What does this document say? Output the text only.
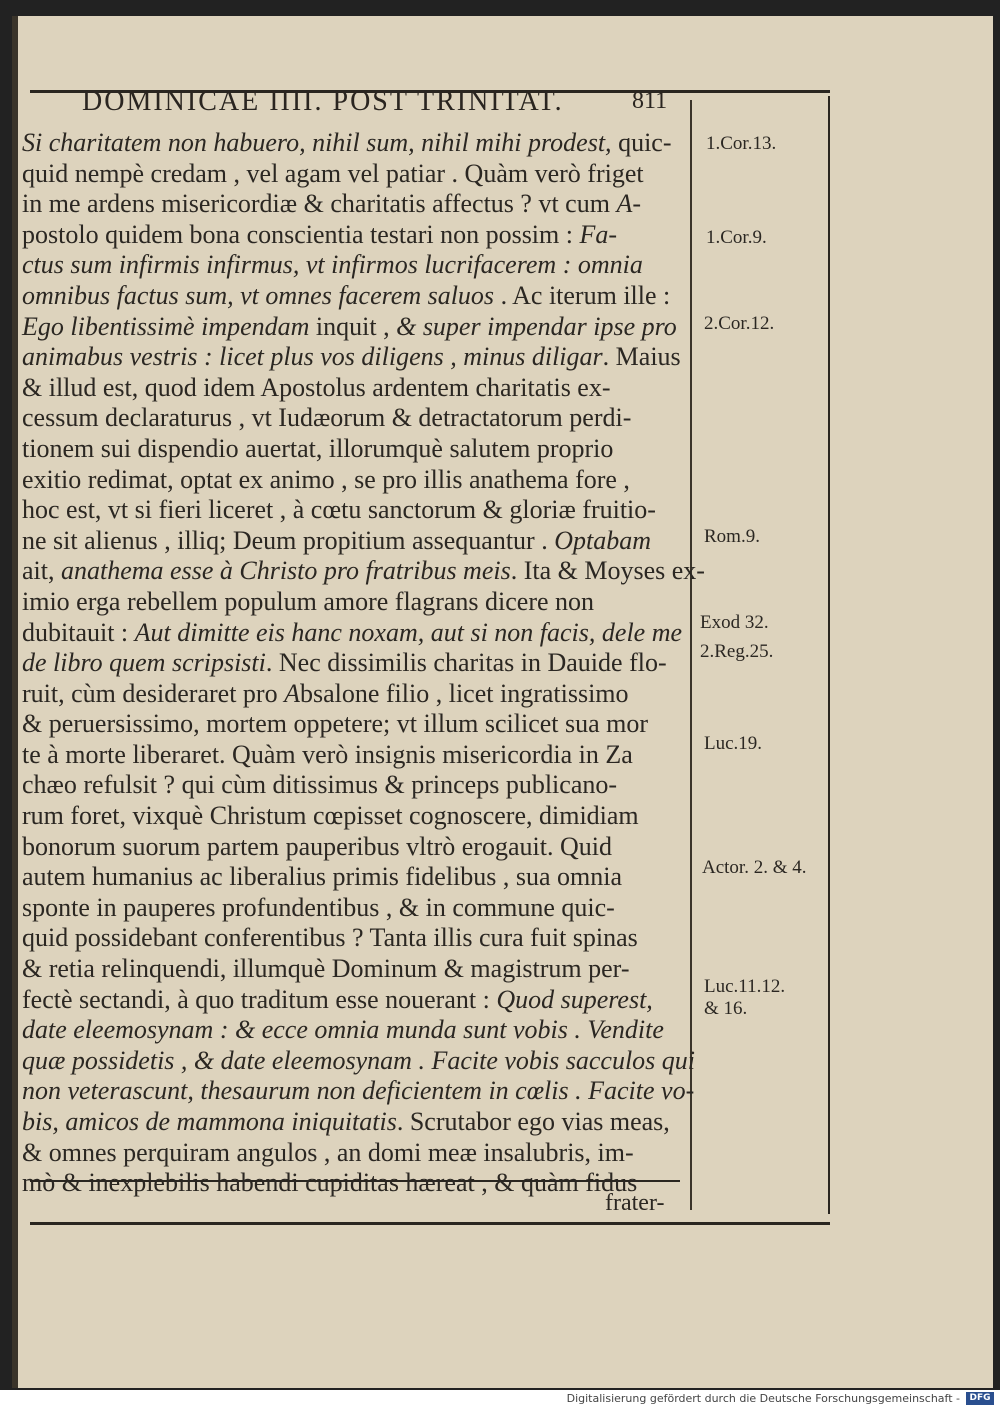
DOMINICAE IIII. POST TRINITAT.	811
Si charitatem non habuero, nihil sum, nihil mihi prodest, quic-
quid nempè credam , vel agam vel patiar . Quàm verò friget
in me ardens misericordiæ & charitatis affectus ? vt cum A-
postolo quidem bona conscientia testari non possim : Fa-
ctus sum infirmis infirmus, vt infirmos lucrifacerem : omnia
omnibus factus sum, vt omnes facerem saluos . Ac iterum ille :
Ego libentissimè impendam inquit , & super impendar ipse pro
animabus vestris : licet plus vos diligens , minus diligar. Maius
& illud est, quod idem Apostolus ardentem charitatis ex-
cessum declaraturus , vt Iudæorum & detractatorum perdi-
tionem sui dispendio auertat, illorumquè salutem proprio
exitio redimat, optat ex animo , se pro illis anathema fore ,
hoc est, vt si fieri liceret , à cœtu sanctorum & gloriæ fruitio-
ne sit alienus , illiq; Deum propitium assequantur . Optabam
ait, anathema esse à Christo pro fratribus meis. Ita & Moyses ex-
imio erga rebellem populum amore flagrans dicere non
dubitauit : Aut dimitte eis hanc noxam, aut si non facis, dele me
de libro quem scripsisti. Nec dissimilis charitas in Dauide flo-
ruit, cùm desideraret pro Absalone filio , licet ingratissimo
& peruersissimo, mortem oppetere; vt illum scilicet sua mor
te à morte liberaret. Quàm verò insignis misericordia in Za
chæo refulsit ? qui cùm ditissimus & princeps publicano-
rum foret, vixquè Christum cœpisset cognoscere, dimidiam
bonorum suorum partem pauperibus vltrò erogauit. Quid
autem humanius ac liberalius primis fidelibus , sua omnia
sponte in pauperes profundentibus , & in commune quic-
quid possidebant conferentibus ? Tanta illis cura fuit spinas
& retia relinquendi, illumquè Dominum & magistrum per-
fectè sectandi, à quo traditum esse nouerant : Quod superest,
date eleemosynam : & ecce omnia munda sunt vobis . Vendite
quæ possidetis , & date eleemosynam . Facite vobis sacculos qui
non veterascunt, thesaurum non deficientem in cœlis . Facite vo-
bis, amicos de mammona iniquitatis. Scrutabor ego vias meas,
& omnes perquiram angulos , an domi meæ insalubris, im-
mò & inexplebilis habendi cupiditas hæreat , & quàm fidus
1.Cor.13.
1.Cor.9.
2.Cor.12.
Rom.9.
Exod 32.
2.Reg.25.
Luc.19.
Actor. 2. & 4.
Luc.11.12.
& 16.
frater-
Digitalisierung gefördert durch die Deutsche Forschungsgemeinschaft -	DFG
